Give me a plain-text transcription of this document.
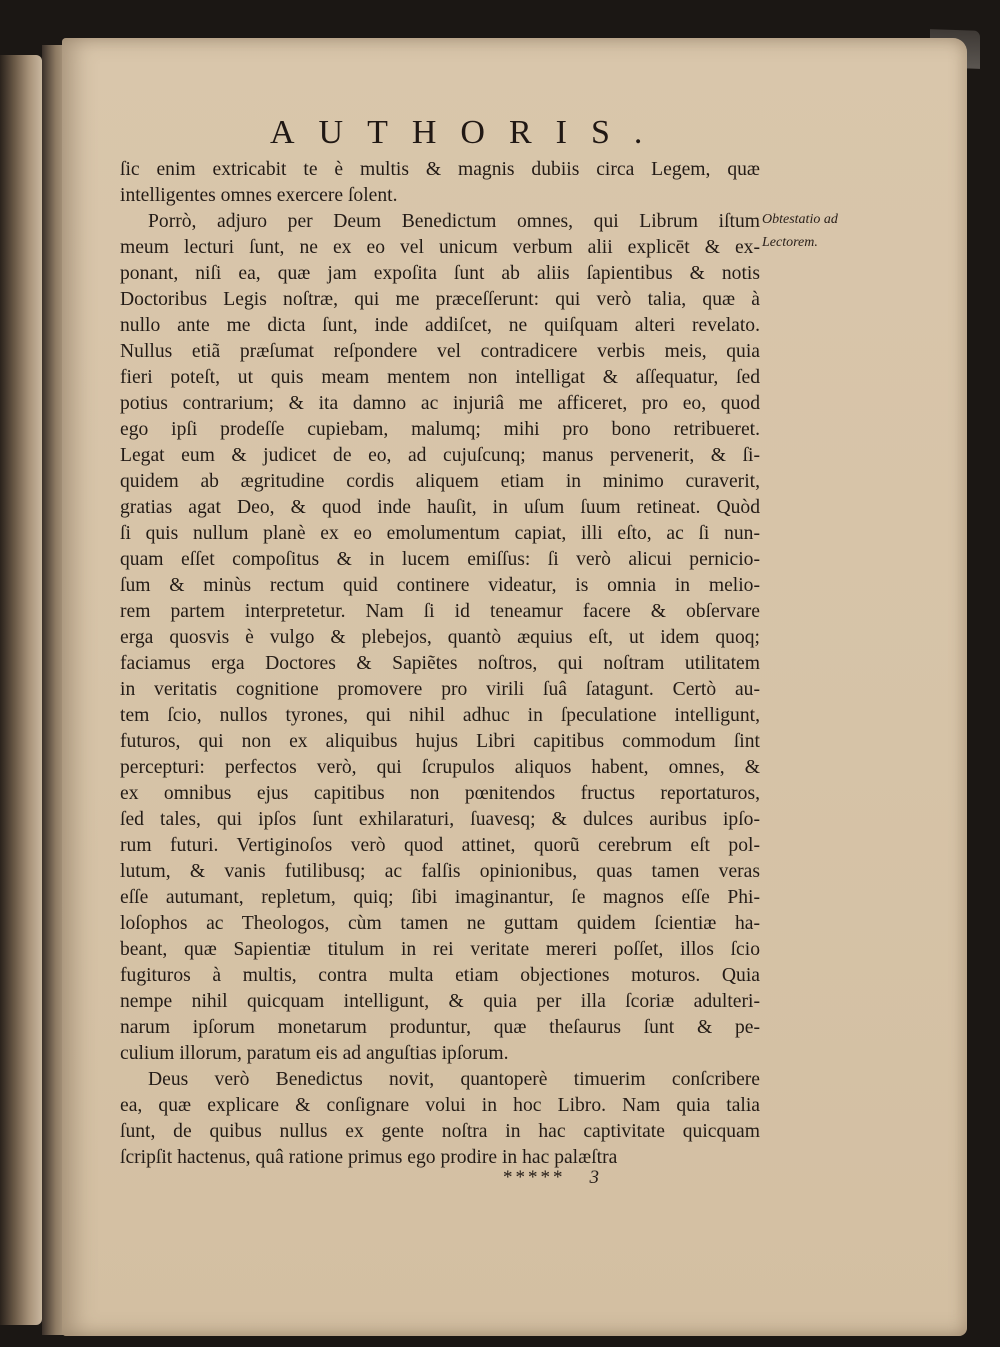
AUTHORIS.
Obtestatio ad
Lectorem.
ſic enim extricabit te è multis & magnis dubiis circa Legem, quæ
intelligentes omnes exercere ſolent.
Porrò, adjuro per Deum Benedictum omnes, qui Librum iſtum
meum lecturi ſunt, ne ex eo vel unicum verbum alii explicēt & ex-
ponant, niſi ea, quæ jam expoſita ſunt ab aliis ſapientibus & notis
Doctoribus Legis noſtræ, qui me præceſſerunt: qui verò talia, quæ à
nullo ante me dicta ſunt, inde addiſcet, ne quiſquam alteri revelato.
Nullus etiã præſumat reſpondere vel contradicere verbis meis, quia
fieri poteſt, ut quis meam mentem non intelligat & aſſequatur, ſed
potius contrarium; & ita damno ac injuriâ me afficeret, pro eo, quod
ego ipſi prodeſſe cupiebam, malumq; mihi pro bono retribueret.
Legat eum & judicet de eo, ad cujuſcunq; manus pervenerit, & ſi-
quidem ab ægritudine cordis aliquem etiam in minimo curaverit,
gratias agat Deo, & quod inde hauſit, in uſum ſuum retineat. Quòd
ſi quis nullum planè ex eo emolumentum capiat, illi eſto, ac ſi nun-
quam eſſet compoſitus & in lucem emiſſus: ſi verò alicui pernicio-
ſum & minùs rectum quid continere videatur, is omnia in melio-
rem partem interpretetur. Nam ſi id teneamur facere & obſervare
erga quosvis è vulgo & plebejos, quantò æquius eſt, ut idem quoq;
faciamus erga Doctores & Sapiẽtes noſtros, qui noſtram utilitatem
in veritatis cognitione promovere pro virili ſuâ ſatagunt. Certò au-
tem ſcio, nullos tyrones, qui nihil adhuc in ſpeculatione intelligunt,
futuros, qui non ex aliquibus hujus Libri capitibus commodum ſint
percepturi: perfectos verò, qui ſcrupulos aliquos habent, omnes, &
ex omnibus ejus capitibus non pœnitendos fructus reportaturos,
ſed tales, qui ipſos ſunt exhilaraturi, ſuavesq; & dulces auribus ipſo-
rum futuri. Vertiginoſos verò quod attinet, quorũ cerebrum eſt pol-
lutum, & vanis futilibusq; ac falſis opinionibus, quas tamen veras
eſſe autumant, repletum, quiq; ſibi imaginantur, ſe magnos eſſe Phi-
loſophos ac Theologos, cùm tamen ne guttam quidem ſcientiæ ha-
beant, quæ Sapientiæ titulum in rei veritate mereri poſſet, illos ſcio
fugituros à multis, contra multa etiam objectiones moturos. Quia
nempe nihil quicquam intelligunt, & quia per illa ſcoriæ adulteri-
narum ipſorum monetarum produntur, quæ theſaurus ſunt & pe-
culium illorum, paratum eis ad anguſtias ipſorum.
Deus verò Benedictus novit, quantoperè timuerim conſcribere
ea, quæ explicare & conſignare volui in hoc Libro. Nam quia talia
ſunt, de quibus nullus ex gente noſtra in hac captivitate quicquam
ſcripſit hactenus, quâ ratione primus ego prodire in hac palæſtra
***** 3
